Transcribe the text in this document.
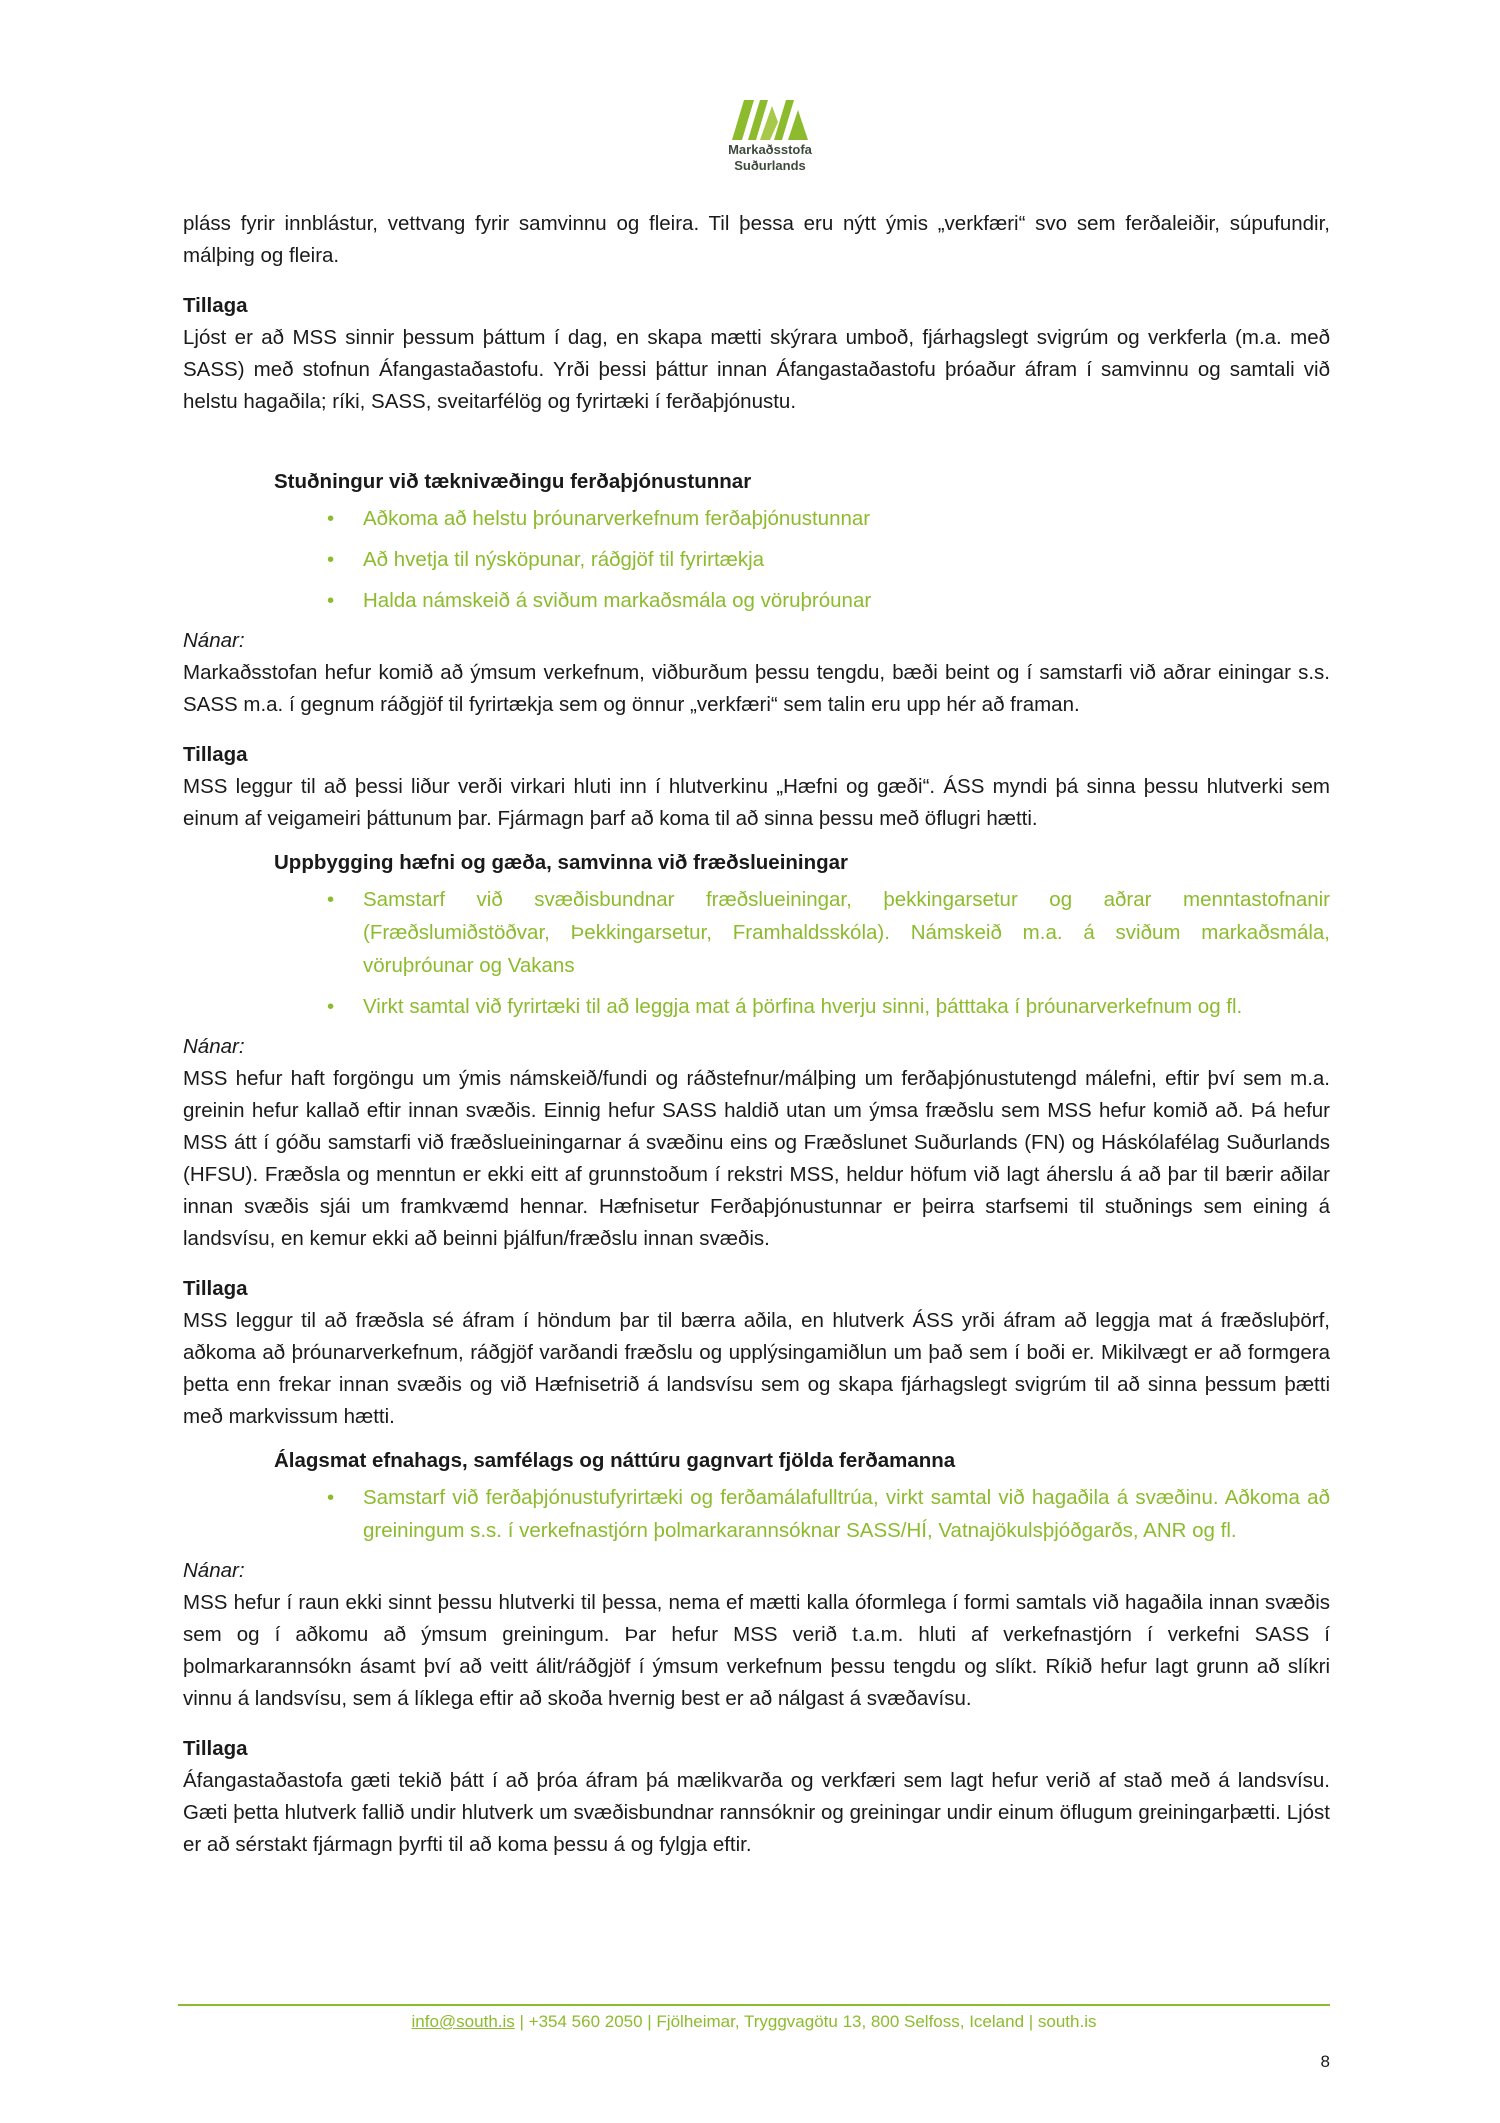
Markaðsstofa
Suðurlands

pláss fyrir innblástur, vettvang fyrir samvinnu og fleira. Til þessa eru nýtt ýmis „verkfæri“ svo sem ferðaleiðir, súpufundir, málþing og fleira.

Tillaga

Ljóst er að MSS sinnir þessum þáttum í dag, en skapa mætti skýrara umboð, fjárhagslegt svigrúm og verkferla (m.a. með SASS) með stofnun Áfangastaðastofu. Yrði þessi þáttur innan Áfangastaðastofu þróaður áfram í samvinnu og samtali við helstu hagaðila; ríki, SASS, sveitarfélög og fyrirtæki í ferðaþjónustu.

Stuðningur við tæknivæðingu ferðaþjónustunnar

• Aðkoma að helstu þróunarverkefnum ferðaþjónustunnar
• Að hvetja til nýsköpunar, ráðgjöf til fyrirtækja
• Halda námskeið á sviðum markaðsmála og vöruþróunar

Nánar:

Markaðsstofan hefur komið að ýmsum verkefnum, viðburðum þessu tengdu, bæði beint og í samstarfi við aðrar einingar s.s. SASS m.a. í gegnum ráðgjöf til fyrirtækja sem og önnur „verkfæri“ sem talin eru upp hér að framan.

Tillaga

MSS leggur til að þessi liður verði virkari hluti inn í hlutverkinu „Hæfni og gæði“. ÁSS myndi þá sinna þessu hlutverki sem einum af veigameiri þáttunum þar. Fjármagn þarf að koma til að sinna þessu með öflugri hætti.

Uppbygging hæfni og gæða, samvinna við fræðslueiningar

• Samstarf við svæðisbundnar fræðslueiningar, þekkingarsetur og aðrar menntastofnanir (Fræðslumiðstöðvar, Þekkingarsetur, Framhaldsskóla). Námskeið m.a. á sviðum markaðsmála, vöruþróunar og Vakans
• Virkt samtal við fyrirtæki til að leggja mat á þörfina hverju sinni, þátttaka í þróunarverkefnum og fl.

Nánar:

MSS hefur haft forgöngu um ýmis námskeið/fundi og ráðstefnur/málþing um ferðaþjónustutengd málefni, eftir því sem m.a. greinin hefur kallað eftir innan svæðis. Einnig hefur SASS haldið utan um ýmsa fræðslu sem MSS hefur komið að. Þá hefur MSS átt í góðu samstarfi við fræðslueiningarnar á svæðinu eins og Fræðslunet Suðurlands (FN) og Háskólafélag Suðurlands (HFSU). Fræðsla og menntun er ekki eitt af grunnstoðum í rekstri MSS, heldur höfum við lagt áherslu á að þar til bærir aðilar innan svæðis sjái um framkvæmd hennar. Hæfnisetur Ferðaþjónustunnar er þeirra starfsemi til stuðnings sem eining á landsvísu, en kemur ekki að beinni þjálfun/fræðslu innan svæðis.

Tillaga

MSS leggur til að fræðsla sé áfram í höndum þar til bærra aðila, en hlutverk ÁSS yrði áfram að leggja mat á fræðsluþörf, aðkoma að þróunarverkefnum, ráðgjöf varðandi fræðslu og upplýsingamiðlun um það sem í boði er. Mikilvægt er að formgera þetta enn frekar innan svæðis og við Hæfnisetrið á landsvísu sem og skapa fjárhagslegt svigrúm til að sinna þessum þætti með markvissum hætti.

Álagsmat efnahags, samfélags og náttúru gagnvart fjölda ferðamanna

• Samstarf við ferðaþjónustufyrirtæki og ferðamálafulltrúa, virkt samtal við hagaðila á svæðinu. Aðkoma að greiningum s.s. í verkefnastjórn þolmarkarannsóknar SASS/HÍ, Vatnajökulsþjóðgarðs, ANR og fl.

Nánar:

MSS hefur í raun ekki sinnt þessu hlutverki til þessa, nema ef mætti kalla óformlega í formi samtals við hagaðila innan svæðis sem og í aðkomu að ýmsum greiningum. Þar hefur MSS verið t.a.m. hluti af verkefnastjórn í verkefni SASS í þolmarkarannsókn ásamt því að veitt álit/ráðgjöf í ýmsum verkefnum þessu tengdu og slíkt. Ríkið hefur lagt grunn að slíkri vinnu á landsvísu, sem á líklega eftir að skoða hvernig best er að nálgast á svæðavísu.

Tillaga

Áfangastaðastofa gæti tekið þátt í að þróa áfram þá mælikvarða og verkfæri sem lagt hefur verið af stað með á landsvísu. Gæti þetta hlutverk fallið undir hlutverk um svæðisbundnar rannsóknir og greiningar undir einum öflugum greiningarþætti. Ljóst er að sérstakt fjármagn þyrfti til að koma þessu á og fylgja eftir.

info@south.is | +354 560 2050 | Fjölheimar, Tryggvagötu 13, 800 Selfoss, Iceland | south.is
8
